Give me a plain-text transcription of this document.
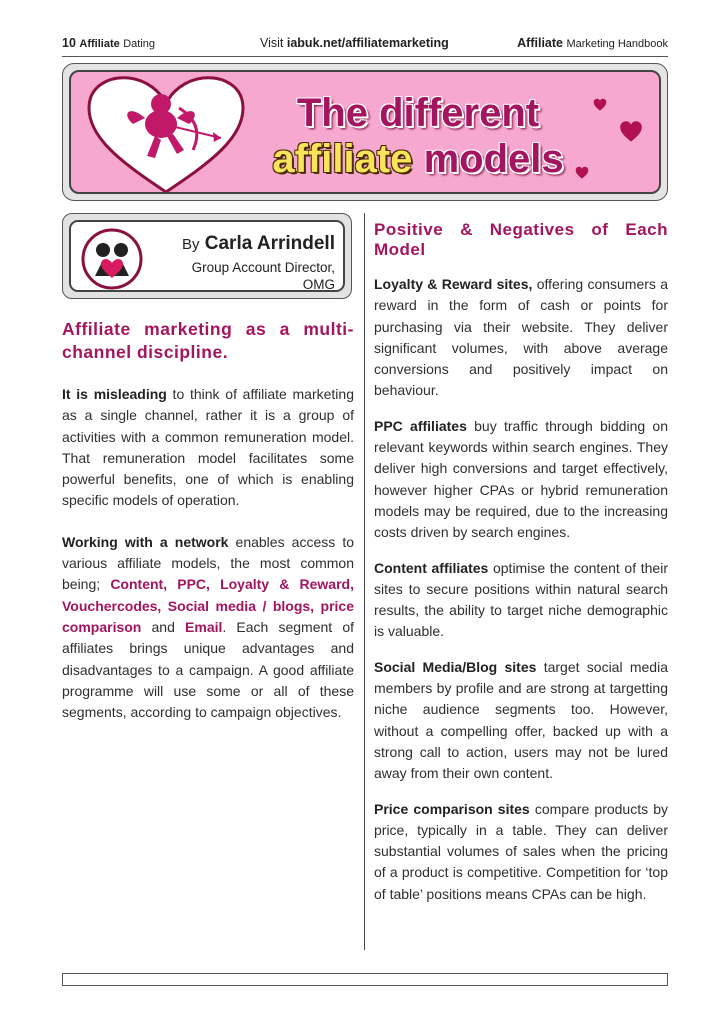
10 Affiliate Dating	Visit iabuk.net/affiliatemarketing	Affiliate Marketing Handbook
The different
affiliate models
By Carla Arrindell
Group Account Director,
OMG
Affiliate marketing as a multi-channel discipline.

It is misleading to think of affiliate marketing as a single channel, rather it is a group of activities with a common remuneration model. That remuneration model facilitates some powerful benefits, one of which is enabling specific models of operation.

Working with a network enables access to various affiliate models, the most common being; Content, PPC, Loyalty & Reward, Vouchercodes, Social media / blogs, price comparison and Email. Each segment of affiliates brings unique advantages and disadvantages to a campaign. A good affiliate programme will use some or all of these segments, according to campaign objectives.

Positive & Negatives of Each Model

Loyalty & Reward sites, offering consumers a reward in the form of cash or points for purchasing via their website. They deliver significant volumes, with above average conversions and positively impact on behaviour.

PPC affiliates buy traffic through bidding on relevant keywords within search engines. They deliver high conversions and target effectively, however higher CPAs or hybrid remuneration models may be required, due to the increasing costs driven by search engines.

Content affiliates optimise the content of their sites to secure positions within natural search results, the ability to target niche demographic is valuable.

Social Media/Blog sites target social media members by profile and are strong at targetting niche audience segments too. However, without a compelling offer, backed up with a strong call to action, users may not be lured away from their own content.

Price comparison sites compare products by price, typically in a table. They can deliver substantial volumes of sales when the pricing of a product is competitive. Competition for ‘top of table’ positions means CPAs can be high.
